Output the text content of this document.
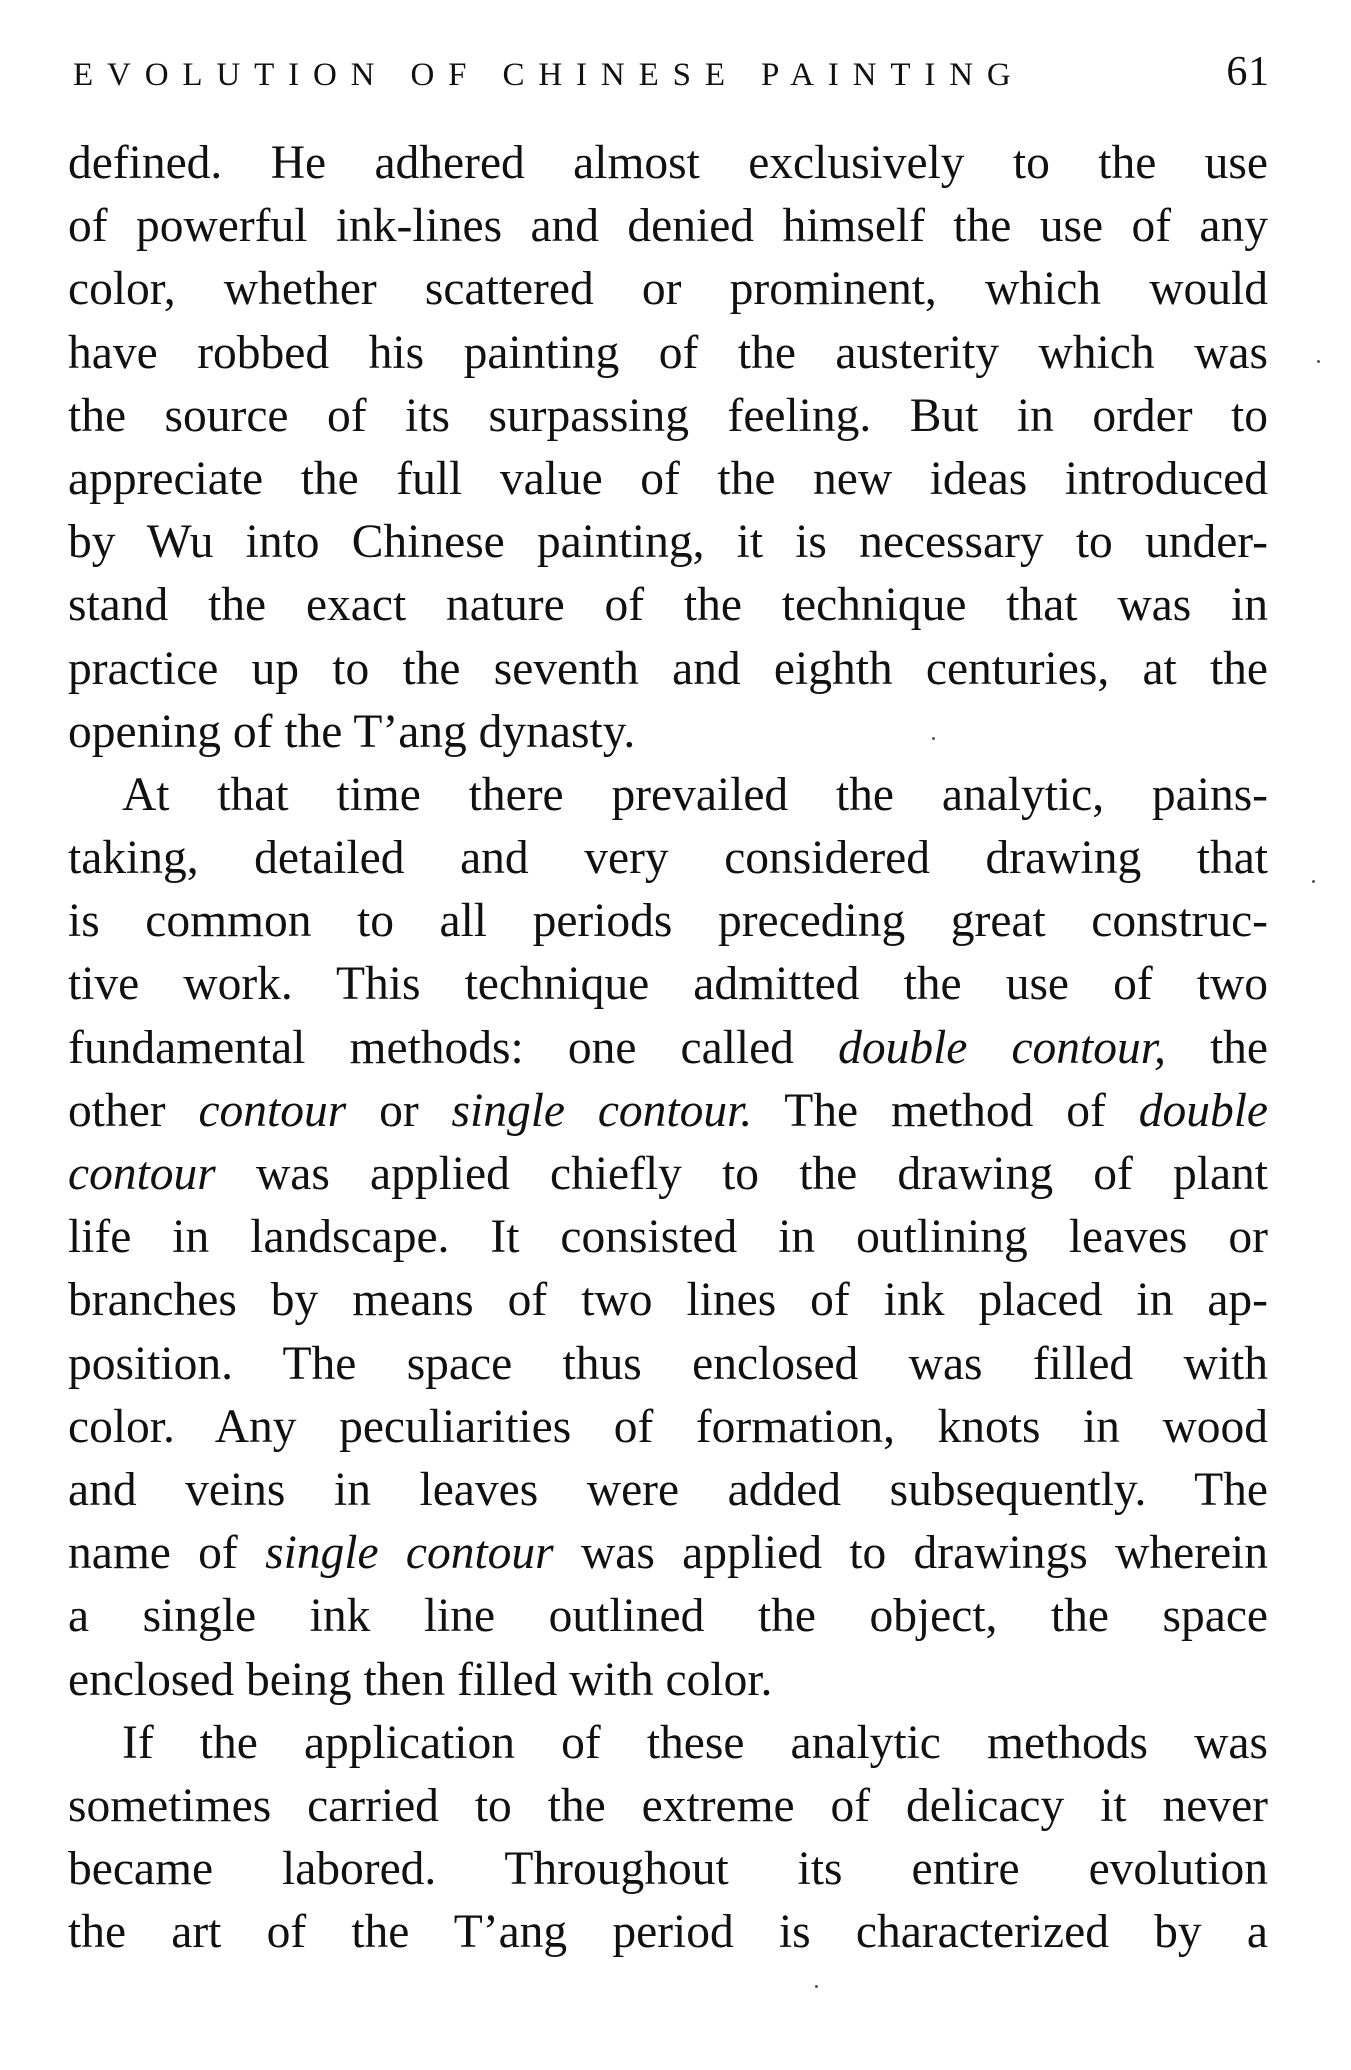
EVOLUTION OF CHINESE PAINTING	61
defined. He adhered almost exclusively to the use
of powerful ink-lines and denied himself the use of any
color, whether scattered or prominent, which would
have robbed his painting of the austerity which was
the source of its surpassing feeling. But in order to
appreciate the full value of the new ideas introduced
by Wu into Chinese painting, it is necessary to under-
stand the exact nature of the technique that was in
practice up to the seventh and eighth centuries, at the
opening of the T’ang dynasty.
At that time there prevailed the analytic, pains-
taking, detailed and very considered drawing that
is common to all periods preceding great construc-
tive work. This technique admitted the use of two
fundamental methods: one called double contour, the
other contour or single contour. The method of double
contour was applied chiefly to the drawing of plant
life in landscape. It consisted in outlining leaves or
branches by means of two lines of ink placed in ap-
position. The space thus enclosed was filled with
color. Any peculiarities of formation, knots in wood
and veins in leaves were added subsequently. The
name of single contour was applied to drawings wherein
a single ink line outlined the object, the space
enclosed being then filled with color.
If the application of these analytic methods was
sometimes carried to the extreme of delicacy it never
became labored. Throughout its entire evolution
the art of the T’ang period is characterized by a
